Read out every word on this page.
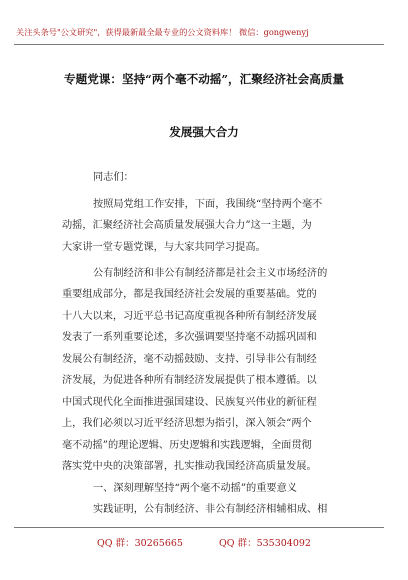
关注头条号"公文研究"，获得最新最全最专业的公文资料库！ 微信：gongwenyj
专题党课：坚持“两个毫不动摇”，汇聚经济社会高质量
发展强大合力
同志们：
按照局党组工作安排，下面，我围绕“坚持两个毫不
动摇，汇聚经济社会高质量发展强大合力”这一主题，为
大家讲一堂专题党课，与大家共同学习提高。
公有制经济和非公有制经济都是社会主义市场经济的
重要组成部分，都是我国经济社会发展的重要基础。党的
十八大以来，习近平总书记高度重视各种所有制经济发展
发表了一系列重要论述，多次强调要坚持毫不动摇巩固和
发展公有制经济，毫不动摇鼓励、支持、引导非公有制经
济发展，为促进各种所有制经济发展提供了根本遵循。以
中国式现代化全面推进强国建设、民族复兴伟业的新征程
上，我们必须以习近平经济思想为指引，深入领会“两个
毫不动摇”的理论逻辑、历史逻辑和实践逻辑，全面贯彻
落实党中央的决策部署，扎实推动我国经济高质量发展。
一、深刻理解坚持“两个毫不动摇”的重要意义
实践证明，公有制经济、非公有制经济相辅相成、相
QQ 群：30265665	QQ 群：535304092
